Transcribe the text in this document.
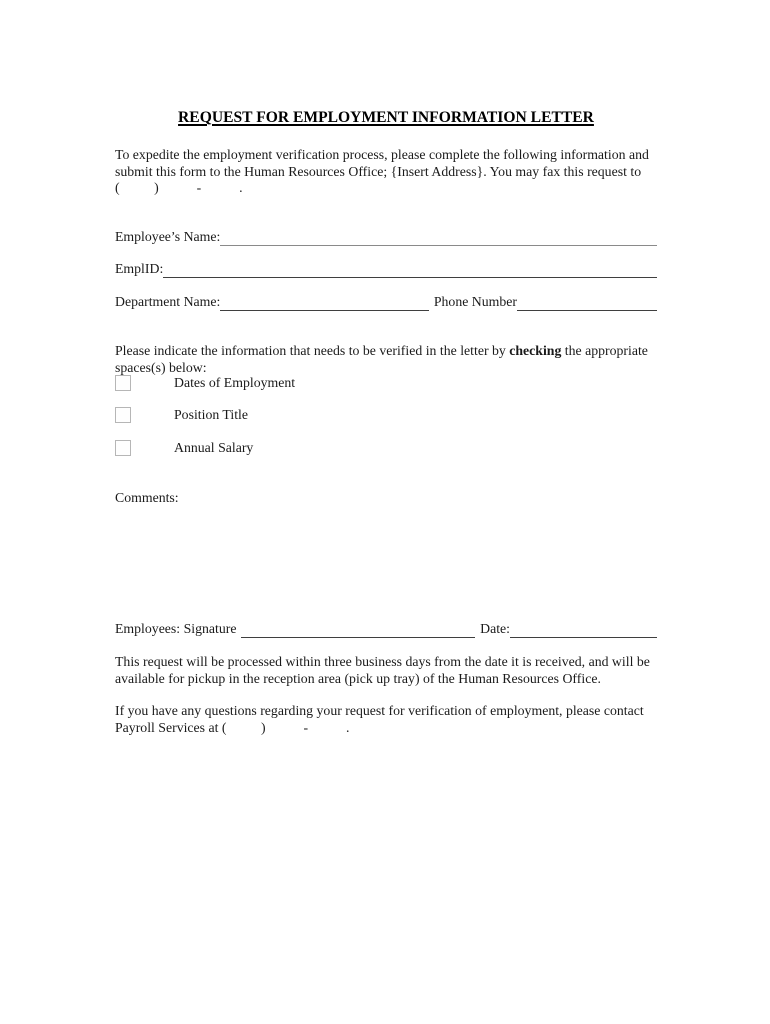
REQUEST FOR EMPLOYMENT INFORMATION LETTER
To expedite the employment verification process, please complete the following information and
submit this form to the Human Resources Office; {Insert Address}. You may fax this request to
(          )           -           .
Employee’s Name:
EmplID:
Department Name:	Phone Number
Please indicate the information that needs to be verified in the letter by checking the appropriate
spaces(s) below:
Dates of Employment
Position Title
Annual Salary
Comments:
Employees: Signature	Date:
This request will be processed within three business days from the date it is received, and will be
available for pickup in the reception area (pick up tray) of the Human Resources Office.
If you have any questions regarding your request for verification of employment, please contact
Payroll Services at (          )           -           .
